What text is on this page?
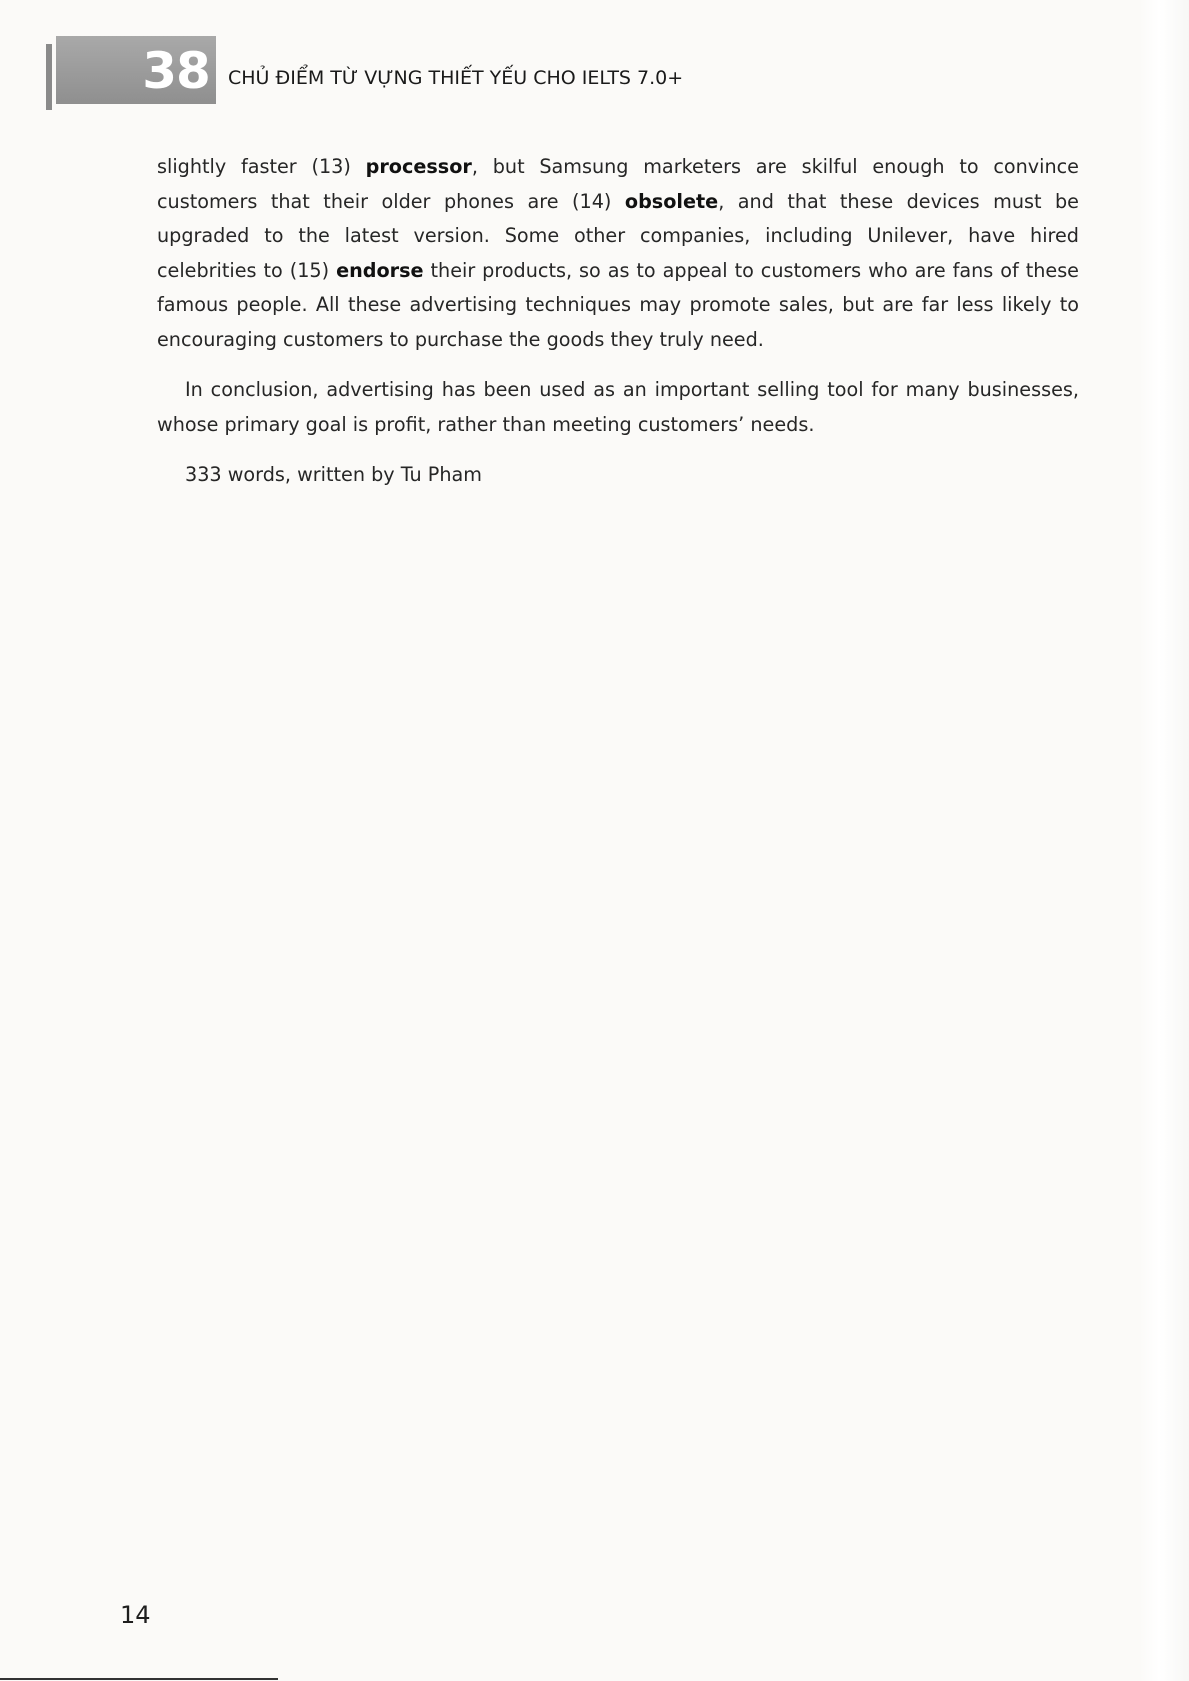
38 CHỦ ĐIỂM TỪ VỰNG THIẾT YẾU CHO IELTS 7.0+

slightly faster (13) processor, but Samsung marketers are skilful enough to convince customers that their older phones are (14) obsolete, and that these devices must be upgraded to the latest version. Some other companies, including Unilever, have hired celebrities to (15) endorse their products, so as to appeal to customers who are fans of these famous people. All these advertising techniques may promote sales, but are far less likely to encouraging customers to purchase the goods they truly need.

In conclusion, advertising has been used as an important selling tool for many businesses, whose primary goal is profit, rather than meeting customers’ needs.

333 words, written by Tu Pham

14
